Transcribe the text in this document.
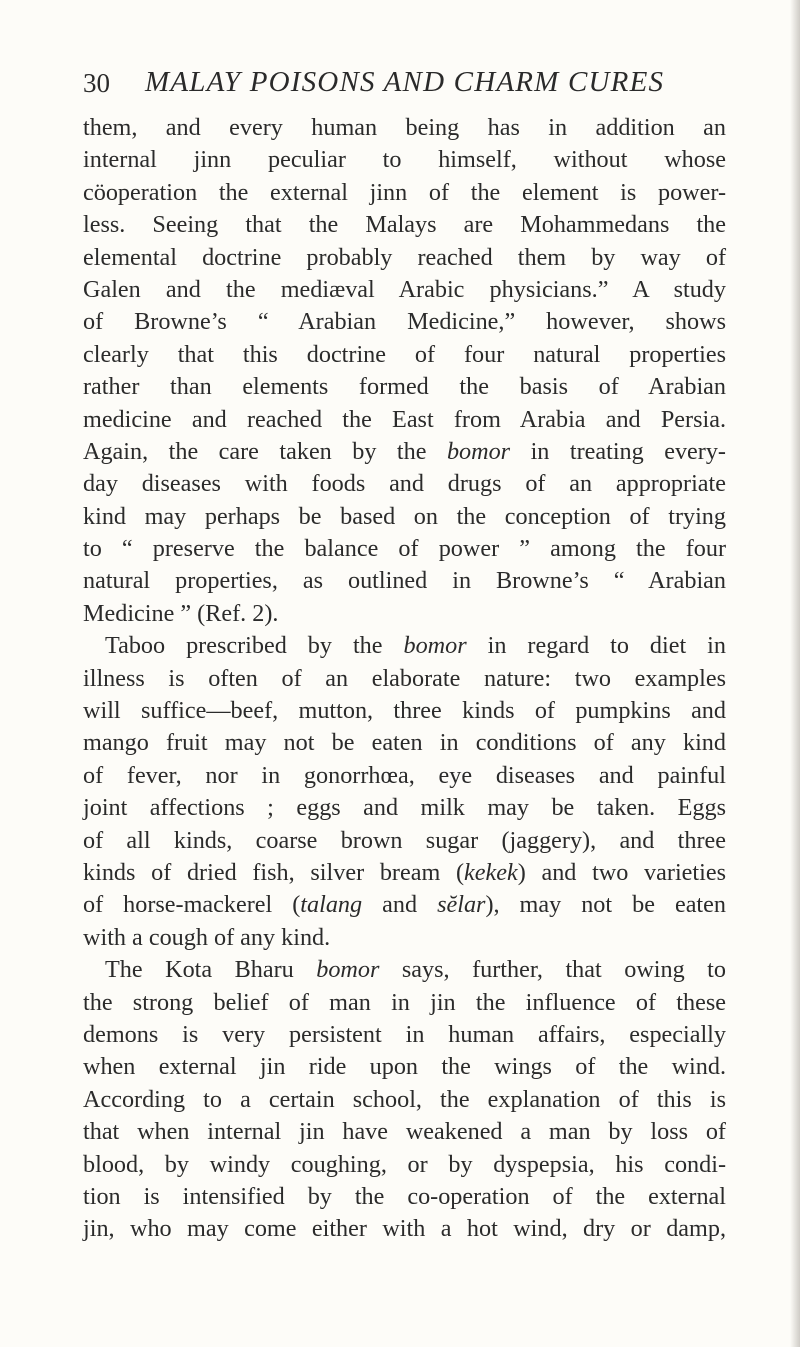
30 MALAY POISONS AND CHARM CURES
them, and every human being has in addition an
internal jinn peculiar to himself, without whose
cöoperation the external jinn of the element is power-
less. Seeing that the Malays are Mohammedans the
elemental doctrine probably reached them by way of
Galen and the mediæval Arabic physicians.” A study
of Browne’s “ Arabian Medicine,” however, shows
clearly that this doctrine of four natural properties
rather than elements formed the basis of Arabian
medicine and reached the East from Arabia and Persia.
Again, the care taken by the bomor in treating every-
day diseases with foods and drugs of an appropriate
kind may perhaps be based on the conception of trying
to “ preserve the balance of power ” among the four
natural properties, as outlined in Browne’s “ Arabian
Medicine ” (Ref. 2).
Taboo prescribed by the bomor in regard to diet in
illness is often of an elaborate nature: two examples
will suffice—beef, mutton, three kinds of pumpkins and
mango fruit may not be eaten in conditions of any kind
of fever, nor in gonorrhœa, eye diseases and painful
joint affections ; eggs and milk may be taken. Eggs
of all kinds, coarse brown sugar (jaggery), and three
kinds of dried fish, silver bream (kekek) and two varieties
of horse-mackerel (talang and sĕlar), may not be eaten
with a cough of any kind.
The Kota Bharu bomor says, further, that owing to
the strong belief of man in jin the influence of these
demons is very persistent in human affairs, especially
when external jin ride upon the wings of the wind.
According to a certain school, the explanation of this is
that when internal jin have weakened a man by loss of
blood, by windy coughing, or by dyspepsia, his condi-
tion is intensified by the co-operation of the external
jin, who may come either with a hot wind, dry or damp,
